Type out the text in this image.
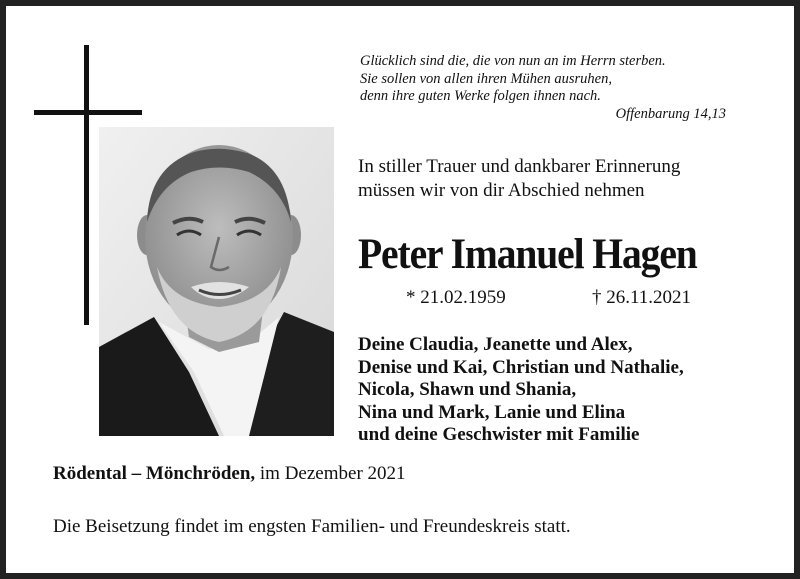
Glücklich sind die, die von nun an im Herrn sterben.
Sie sollen von allen ihren Mühen ausruhen,
denn ihre guten Werke folgen ihnen nach.
Offenbarung 14,13
In stiller Trauer und dankbarer Erinnerung
müssen wir von dir Abschied nehmen
Peter Imanuel Hagen
* 21.02.1959	† 26.11.2021
Deine Claudia, Jeanette und Alex,
Denise und Kai, Christian und Nathalie,
Nicola, Shawn und Shania,
Nina und Mark, Lanie und Elina
und deine Geschwister mit Familie
Rödental – Mönchröden, im Dezember 2021
Die Beisetzung findet im engsten Familien- und Freundeskreis statt.
